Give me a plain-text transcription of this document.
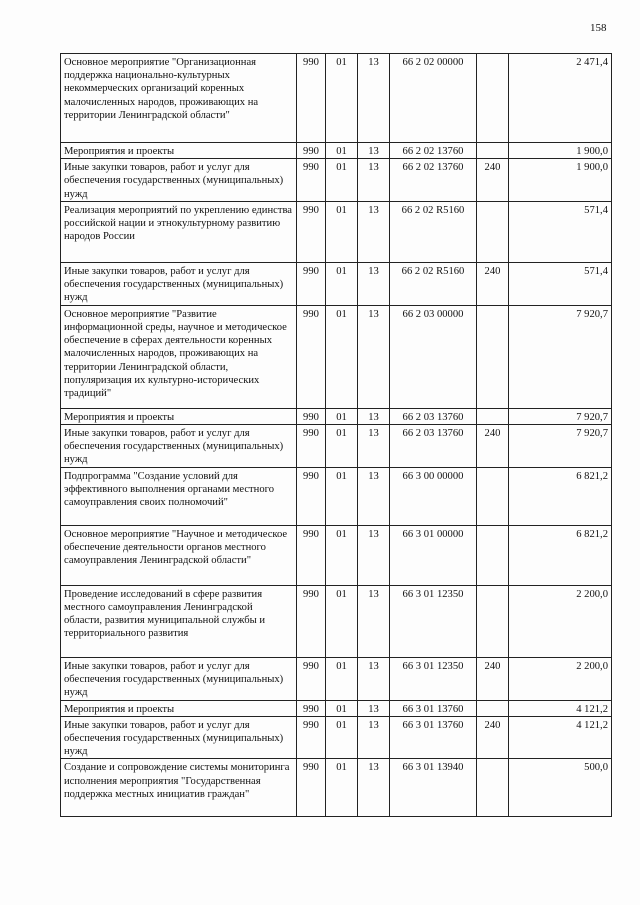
158
Основное мероприятие "Организационная поддержка национально-культурных некоммерческих организаций коренных малочисленных народов, проживающих на территории Ленинградской области"	990	01	13	66 2 02 00000		2 471,4
Мероприятия и проекты	990	01	13	66 2 02 13760		1 900,0
Иные закупки товаров, работ и услуг для обеспечения государственных (муниципальных) нужд	990	01	13	66 2 02 13760	240	1 900,0
Реализация мероприятий по укреплению единства российской нации и этнокультурному развитию народов России	990	01	13	66 2 02 R5160		571,4
Иные закупки товаров, работ и услуг для обеспечения государственных (муниципальных) нужд	990	01	13	66 2 02 R5160	240	571,4
Основное мероприятие "Развитие информационной среды, научное и методическое обеспечение в сферах деятельности коренных малочисленных народов, проживающих на территории Ленинградской области, популяризация их культурно-исторических традиций"	990	01	13	66 2 03 00000		7 920,7
Мероприятия и проекты	990	01	13	66 2 03 13760		7 920,7
Иные закупки товаров, работ и услуг для обеспечения государственных (муниципальных) нужд	990	01	13	66 2 03 13760	240	7 920,7
Подпрограмма "Создание условий для эффективного выполнения органами местного самоуправления своих полномочий"	990	01	13	66 3 00 00000		6 821,2
Основное мероприятие "Научное и методическое обеспечение деятельности органов местного самоуправления Ленинградской области"	990	01	13	66 3 01 00000		6 821,2
Проведение исследований в сфере развития местного самоуправления Ленинградской области, развития муниципальной службы и территориального развития	990	01	13	66 3 01 12350		2 200,0
Иные закупки товаров, работ и услуг для обеспечения государственных (муниципальных) нужд	990	01	13	66 3 01 12350	240	2 200,0
Мероприятия и проекты	990	01	13	66 3 01 13760		4 121,2
Иные закупки товаров, работ и услуг для обеспечения государственных (муниципальных) нужд	990	01	13	66 3 01 13760	240	4 121,2
Создание и сопровождение системы мониторинга исполнения мероприятия "Государственная поддержка местных инициатив граждан"	990	01	13	66 3 01 13940		500,0
